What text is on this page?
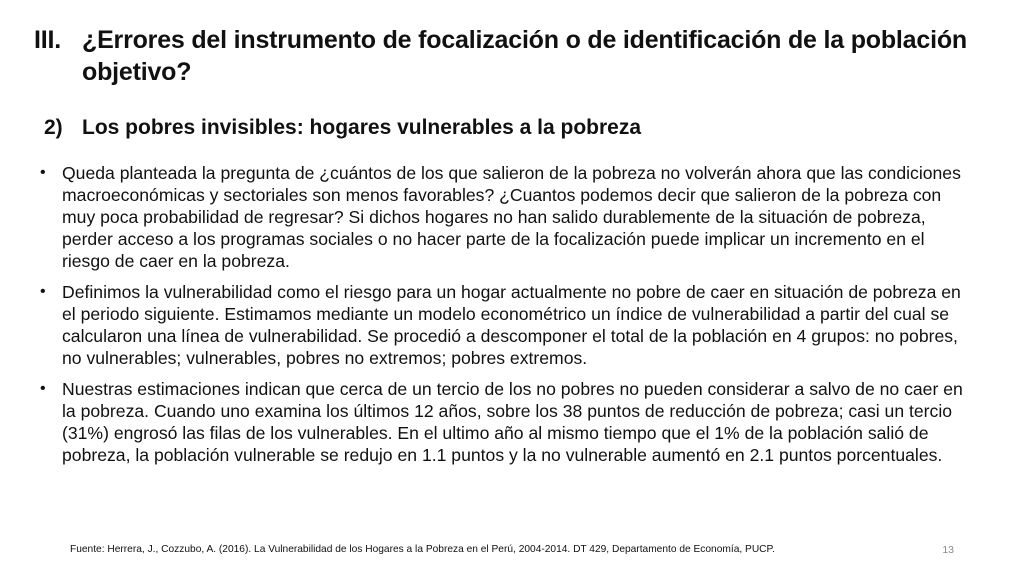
III. ¿Errores del instrumento de focalización o de identificación de la población objetivo?
2) Los pobres invisibles: hogares vulnerables a la pobreza
• Queda planteada la pregunta de ¿cuántos de los que salieron de la pobreza no volverán ahora que las condiciones macroeconómicas y sectoriales son menos favorables? ¿Cuantos podemos decir que salieron de la pobreza con muy poca probabilidad de regresar? Si dichos hogares no han salido durablemente de la situación de pobreza, perder acceso a los programas sociales o no hacer parte de la focalización puede implicar un incremento en el riesgo de caer en la pobreza.
• Definimos la vulnerabilidad como el riesgo para un hogar actualmente no pobre de caer en situación de pobreza en el periodo siguiente. Estimamos mediante un modelo econométrico un índice de vulnerabilidad a partir del cual se calcularon una línea de vulnerabilidad. Se procedió a descomponer el total de la población en 4 grupos: no pobres, no vulnerables; vulnerables, pobres no extremos; pobres extremos.
• Nuestras estimaciones indican que cerca de un tercio de los no pobres no pueden considerar a salvo de no caer en la pobreza. Cuando uno examina los últimos 12 años, sobre los 38 puntos de reducción de pobreza; casi un tercio (31%) engrosó las filas de los vulnerables. En el ultimo año al mismo tiempo que el 1% de la población salió de pobreza, la población vulnerable se redujo en 1.1 puntos y la no vulnerable aumentó en 2.1 puntos porcentuales.
Fuente: Herrera, J., Cozzubo, A. (2016). La Vulnerabilidad de los Hogares a la Pobreza en el Perú, 2004-2014. DT 429, Departamento de Economía, PUCP.	13
